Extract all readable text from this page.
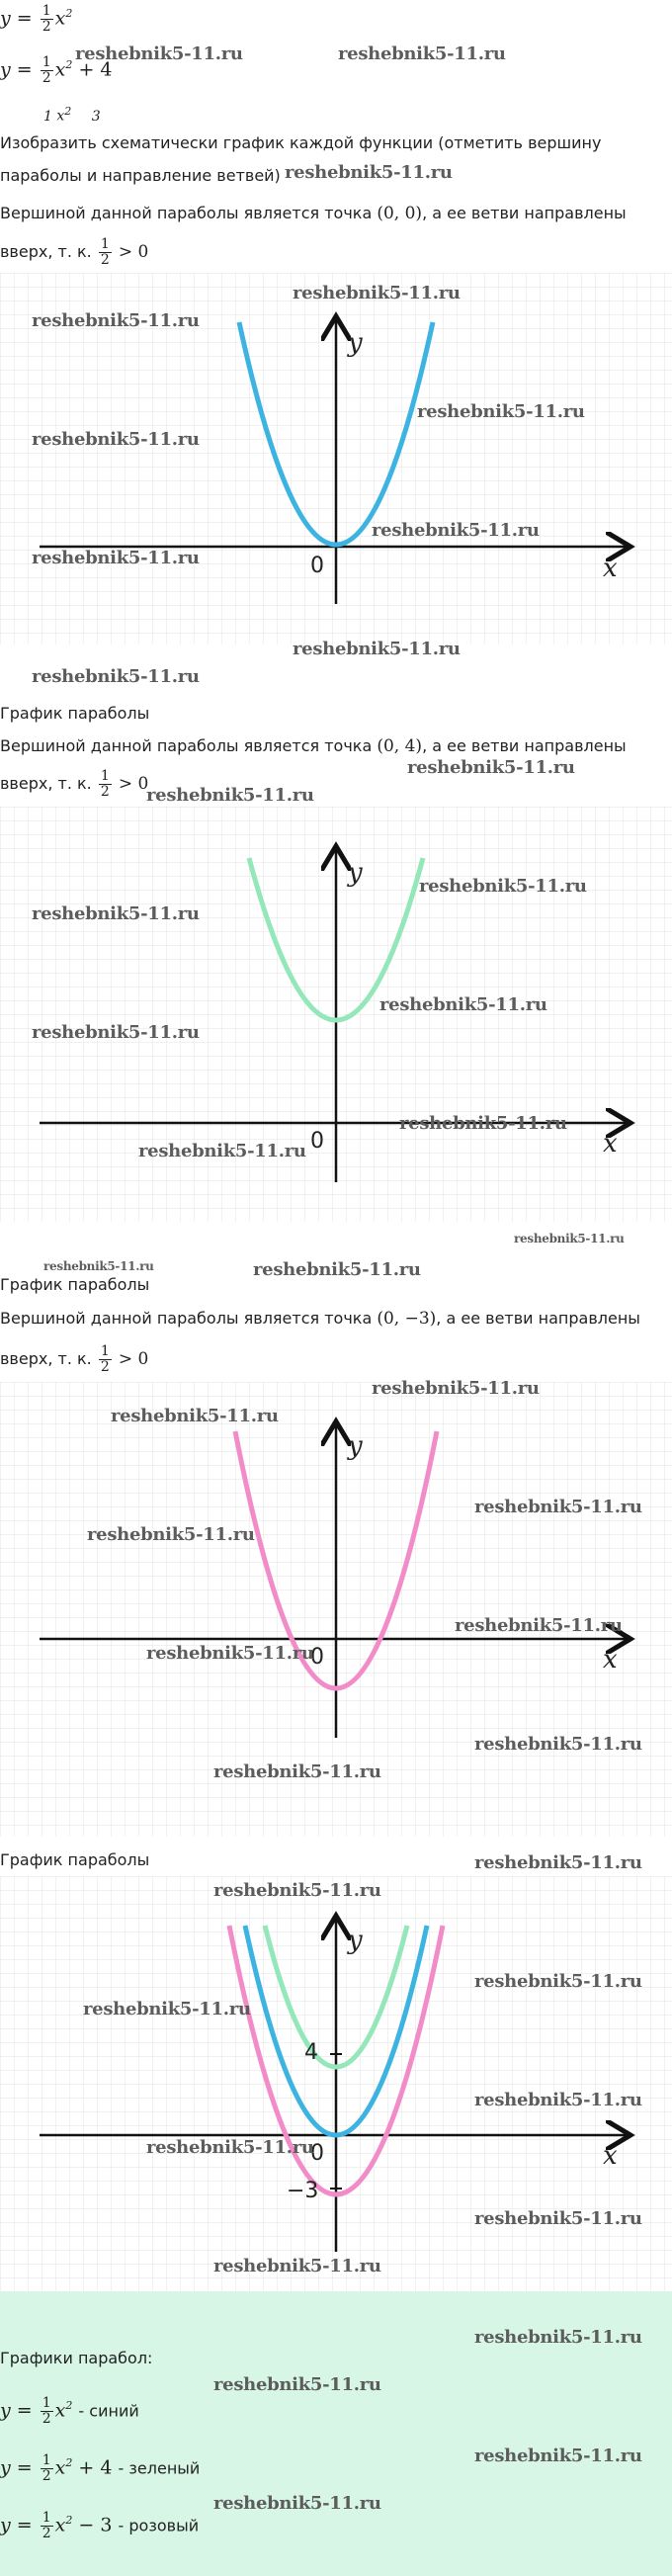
$y = \frac{1}{2} x^2$
$y = \frac{1}{2} x^2 + 4$
1 $x^2$ 3
Изобразить схематически график каждой функции (отметить вершину параболы и направление ветвей)
Вершиной данной параболы является точка (0, 0), а ее ветви направлены
вверх, т. к. $\frac{1}{2} > 0$
y
x
0
График параболы
Вершиной данной параболы является точка (0, 4), а ее ветви направлены
вверх, т. к. $\frac{1}{2} > 0$
y
x
0
График параболы
Вершиной данной параболы является точка (0, −3), а ее ветви направлены
вверх, т. к. $\frac{1}{2} > 0$
y
x
0
График параболы
y
x
0
4
−3
Графики парабол:
$y = \frac{1}{2} x^2$ - синий
$y = \frac{1}{2} x^2 + 4$ - зеленый
$y = \frac{1}{2} x^2 - 3$ - розовый
reshebnik5-11.ru	reshebnik5-11.ru
reshebnik5-11.ru
reshebnik5-11.ru
reshebnik5-11.ru
reshebnik5-11.ru
reshebnik5-11.ru
reshebnik5-11.ru
reshebnik5-11.ru
reshebnik5-11.ru
reshebnik5-11.ru
reshebnik5-11.ru
reshebnik5-11.ru
reshebnik5-11.ru
reshebnik5-11.ru
reshebnik5-11.ru
reshebnik5-11.ru
reshebnik5-11.ru
reshebnik5-11.ru
reshebnik5-11.ru
reshebnik5-11.ru	reshebnik5-11.ru
reshebnik5-11.ru
reshebnik5-11.ru
reshebnik5-11.ru
reshebnik5-11.ru
reshebnik5-11.ru
reshebnik5-11.ru
reshebnik5-11.ru
reshebnik5-11.ru
reshebnik5-11.ru
reshebnik5-11.ru
reshebnik5-11.ru
reshebnik5-11.ru
reshebnik5-11.ru
reshebnik5-11.ru
reshebnik5-11.ru
reshebnik5-11.ru
reshebnik5-11.ru
reshebnik5-11.ru
reshebnik5-11.ru
reshebnik5-11.ru
